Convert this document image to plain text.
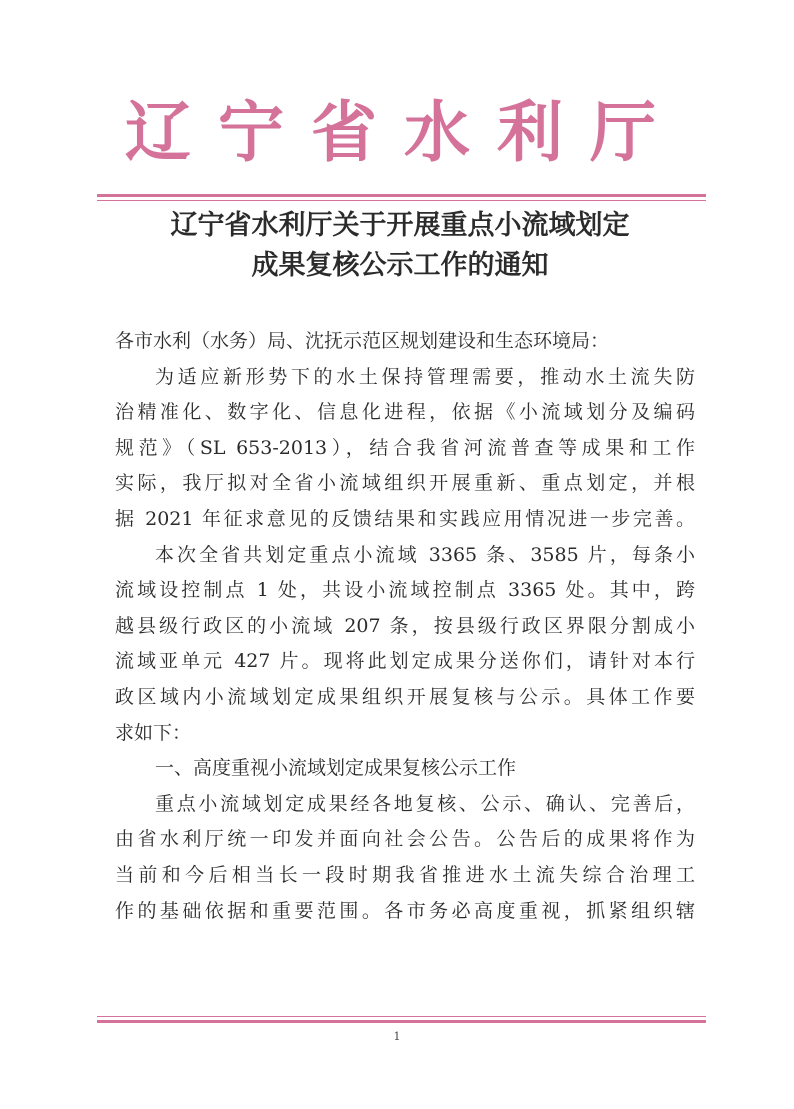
辽宁省水利厅
辽宁省水利厅关于开展重点小流域划定
成果复核公示工作的通知
各市水利（水务）局、沈抚示范区规划建设和生态环境局：
为适应新形势下的水土保持管理需要，推动水土流失防
治精准化、数字化、信息化进程，依据《小流域划分及编码
规范》（SL 653-2013），结合我省河流普查等成果和工作
实际，我厅拟对全省小流域组织开展重新、重点划定，并根
据 2021 年征求意见的反馈结果和实践应用情况进一步完善。
本次全省共划定重点小流域 3365 条、3585 片，每条小
流域设控制点 1 处，共设小流域控制点 3365 处。其中，跨
越县级行政区的小流域 207 条，按县级行政区界限分割成小
流域亚单元 427 片。现将此划定成果分送你们，请针对本行
政区域内小流域划定成果组织开展复核与公示。具体工作要
求如下：
一、高度重视小流域划定成果复核公示工作
重点小流域划定成果经各地复核、公示、确认、完善后，
由省水利厅统一印发并面向社会公告。公告后的成果将作为
当前和今后相当长一段时期我省推进水土流失综合治理工
作的基础依据和重要范围。各市务必高度重视，抓紧组织辖
1
